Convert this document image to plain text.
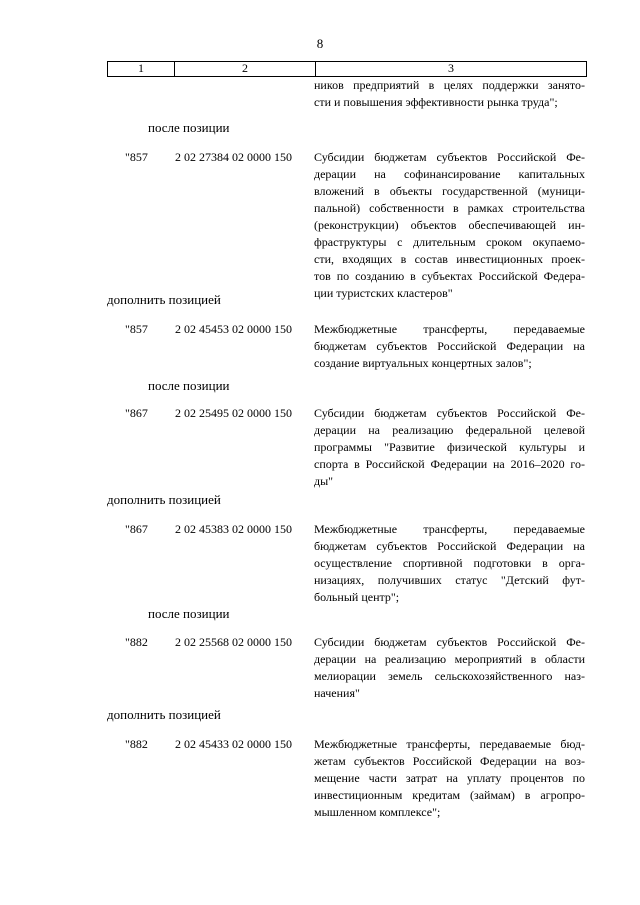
8
1	2	3
ников предприятий в целях поддержки занято-
сти и повышения эффективности рынка труда";
после позиции
дополнить позицией
после позиции
дополнить позицией
после позиции
дополнить позицией
"857 2 02 27384 02 0000 150 Субсидии бюджетам субъектов Российской Фе-
дерации на софинансирование капитальных
вложений в объекты государственной (муници-
пальной) собственности в рамках строительства
(реконструкции) объектов обеспечивающей ин-
фраструктуры с длительным сроком окупаемо-
сти, входящих в состав инвестиционных проек-
тов по созданию в субъектах Российской Федера-
ции туристских кластеров"
"857 2 02 45453 02 0000 150 Межбюджетные трансферты, передаваемые
бюджетам субъектов Российской Федерации на
создание виртуальных концертных залов";
"867 2 02 25495 02 0000 150 Субсидии бюджетам субъектов Российской Фе-
дерации на реализацию федеральной целевой
программы "Развитие физической культуры и
спорта в Российской Федерации на 2016–2020 го-
ды"
"867 2 02 45383 02 0000 150 Межбюджетные трансферты, передаваемые
бюджетам субъектов Российской Федерации на
осуществление спортивной подготовки в орга-
низациях, получивших статус "Детский фут-
больный центр";
"882 2 02 25568 02 0000 150 Субсидии бюджетам субъектов Российской Фе-
дерации на реализацию мероприятий в области
мелиорации земель сельскохозяйственного наз-
начения"
"882 2 02 45433 02 0000 150 Межбюджетные трансферты, передаваемые бюд-
жетам субъектов Российской Федерации на воз-
мещение части затрат на уплату процентов по
инвестиционным кредитам (займам) в агропро-
мышленном комплексе";
